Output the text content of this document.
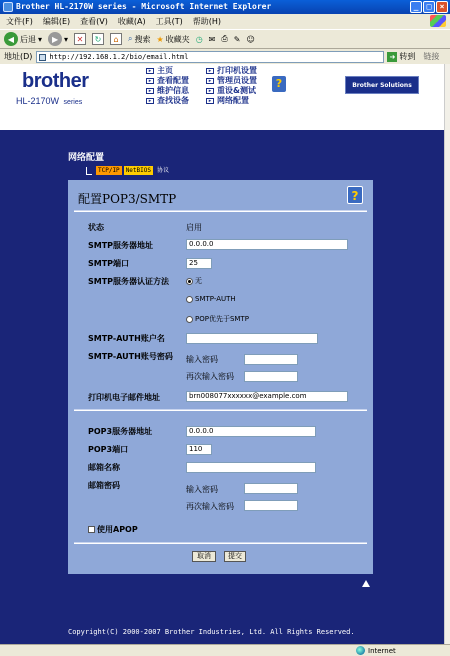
Brother HL-2170W series - Microsoft Internet Explorer	_	□	×
文件(F) 编辑(E) 查看(V) 收藏(A) 工具(T) 帮助(H)
◀ 后退 ▾	▶ ▾	✕	↻	⌂	⌕ 搜索 ★ 收藏夹 ◷ ✉ ⎙ ✎ ☺
地址(D)	http://192.168.1.2/bio/email.html	➜ 转到 链接
brother
HL-2170W series
▸ 主页
▸ 查看配置
▸ 维护信息
▸ 查找设备
▸ 打印机设置
▸ 管理员设置
▸ 重设&测试
▸ 网络配置
?	Brother Solutions Center
网络配置
TCP/IP	NetBIOS	协议
配置POP3/SMTP	?
状态	启用
SMTP服务器地址	0.0.0.0
SMTP端口	25
SMTP服务器认证方法	无
SMTP-AUTH
POP优先于SMTP
SMTP-AUTH账户名
SMTP-AUTH账号密码 输入密码
再次输入密码
打印机电子邮件地址	brn008077xxxxxx@example.com
POP3服务器地址	0.0.0.0
POP3端口	110
邮箱名称
邮箱密码	输入密码
再次输入密码
使用APOP
取消	提交
Copyright(C) 2000-2007 Brother Industries, Ltd. All Rights Reserved.
Internet
